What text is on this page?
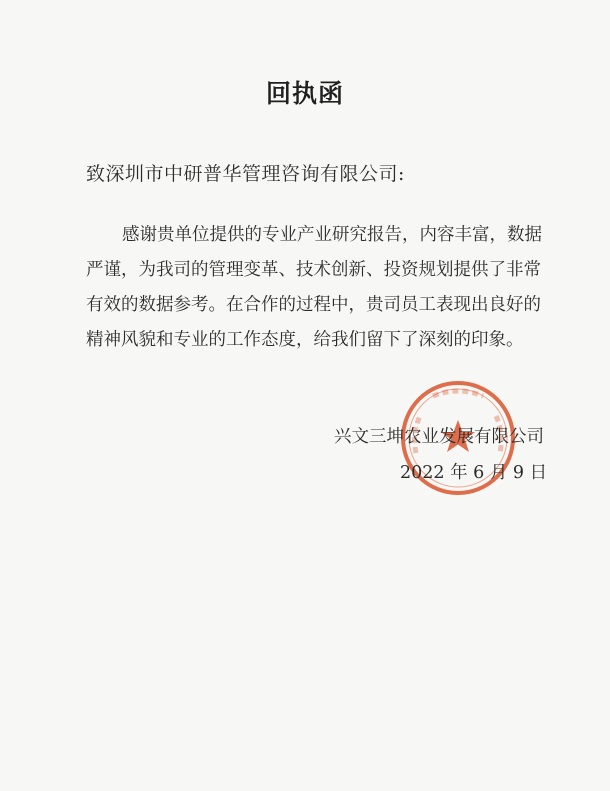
回执函
致深圳市中研普华管理咨询有限公司:
感谢贵单位提供的专业产业研究报告，内容丰富，数据
严谨，为我司的管理变革、技术创新、投资规划提供了非常
有效的数据参考。在合作的过程中，贵司员工表现出良好的
精神风貌和专业的工作态度，给我们留下了深刻的印象。
兴文三坤农业发展有限公司
2022 年 6 月 9 日
